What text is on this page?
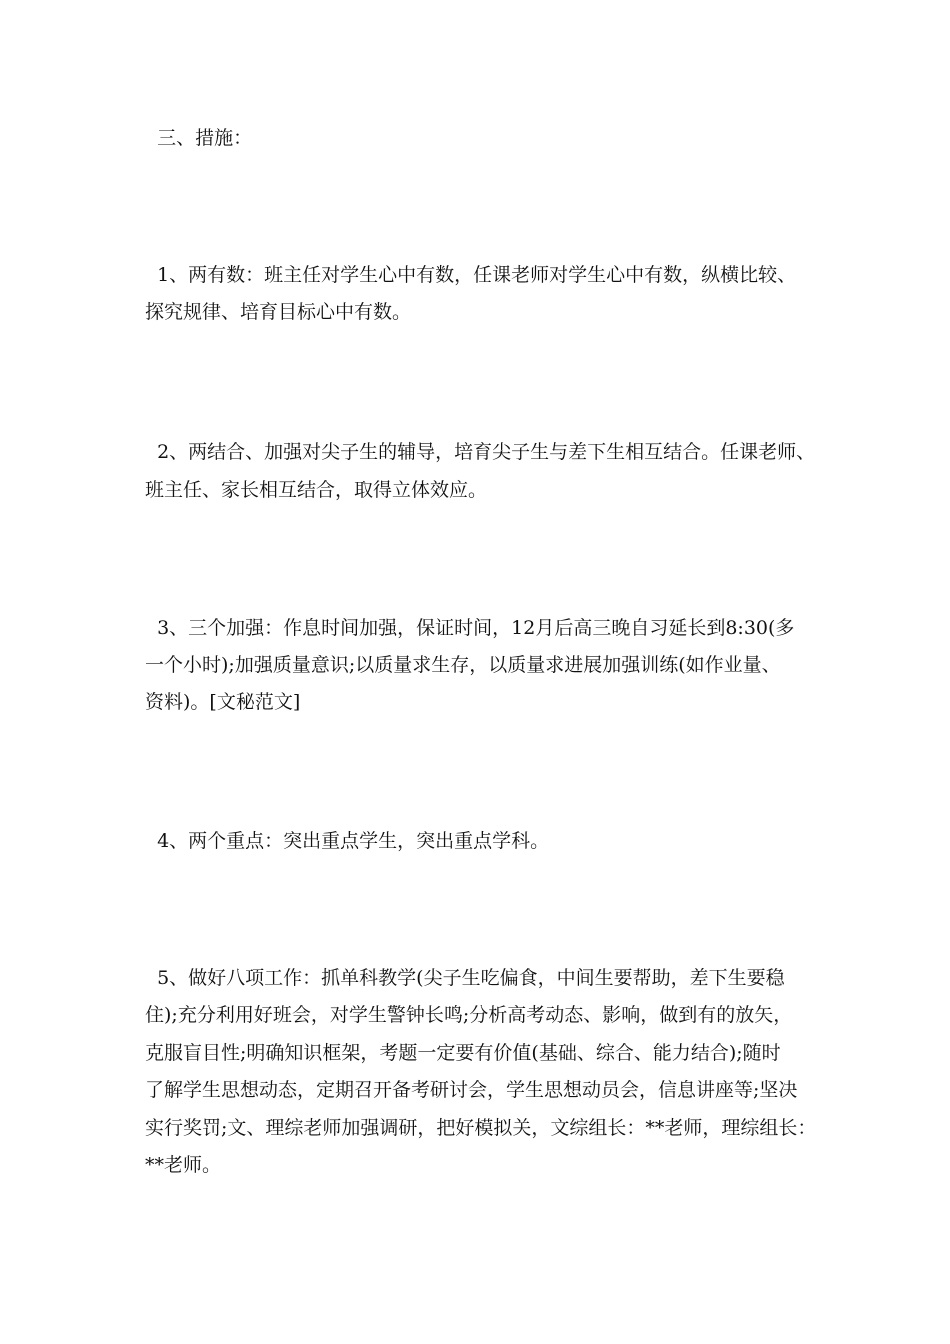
三、措施：
1、两有数：班主任对学生心中有数，任课老师对学生心中有数，纵横比较、
探究规律、培育目标心中有数。
2、两结合、加强对尖子生的辅导，培育尖子生与差下生相互结合。任课老师、
班主任、家长相互结合，取得立体效应。
3、三个加强：作息时间加强，保证时间，12月后高三晚自习延长到8:30(多
一个小时);加强质量意识;以质量求生存，以质量求进展加强训练(如作业量、
资料)。[文秘范文]
4、两个重点：突出重点学生，突出重点学科。
5、做好八项工作：抓单科教学(尖子生吃偏食，中间生要帮助，差下生要稳
住);充分利用好班会，对学生警钟长鸣;分析高考动态、影响，做到有的放矢，
克服盲目性;明确知识框架，考题一定要有价值(基础、综合、能力结合);随时
了解学生思想动态，定期召开备考研讨会，学生思想动员会，信息讲座等;坚决
实行奖罚;文、理综老师加强调研，把好模拟关，文综组长：**老师，理综组长：
**老师。
